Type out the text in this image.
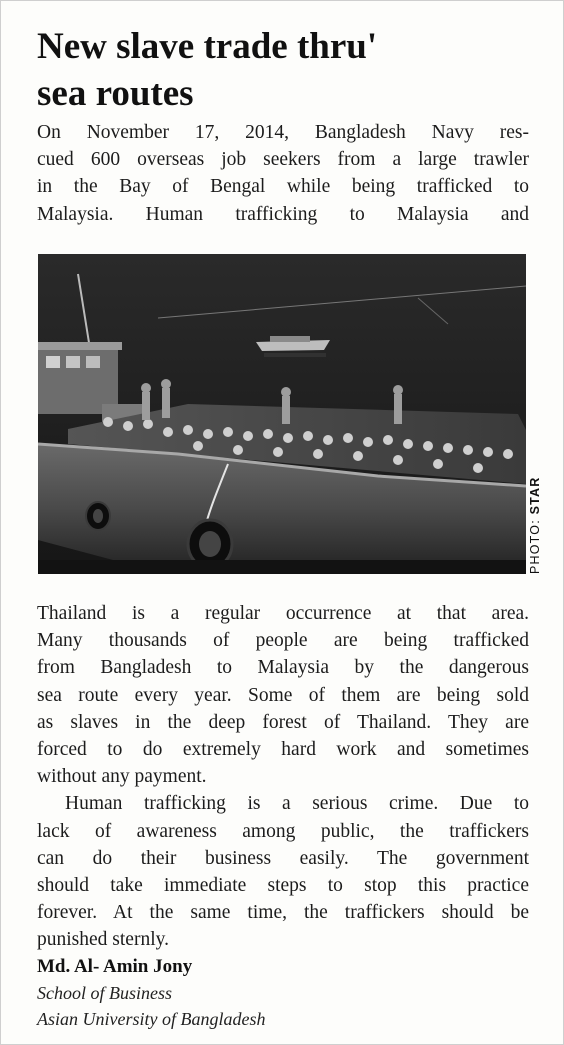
New slave trade thru'
sea routes

On November 17, 2014, Bangladesh Navy res-
cued 600 overseas job seekers from a large trawler
in the Bay of Bengal while being trafficked to
Malaysia. Human trafficking to Malaysia and

PHOTO: STAR

Thailand is a regular occurrence at that area.
Many thousands of people are being trafficked
from Bangladesh to Malaysia by the dangerous
sea route every year. Some of them are being sold
as slaves in the deep forest of Thailand. They are
forced to do extremely hard work and sometimes
without any payment.
Human trafficking is a serious crime. Due to
lack of awareness among public, the traffickers
can do their business easily. The government
should take immediate steps to stop this practice
forever. At the same time, the traffickers should be
punished sternly.

Md. Al- Amin Jony
School of Business
Asian University of Bangladesh
